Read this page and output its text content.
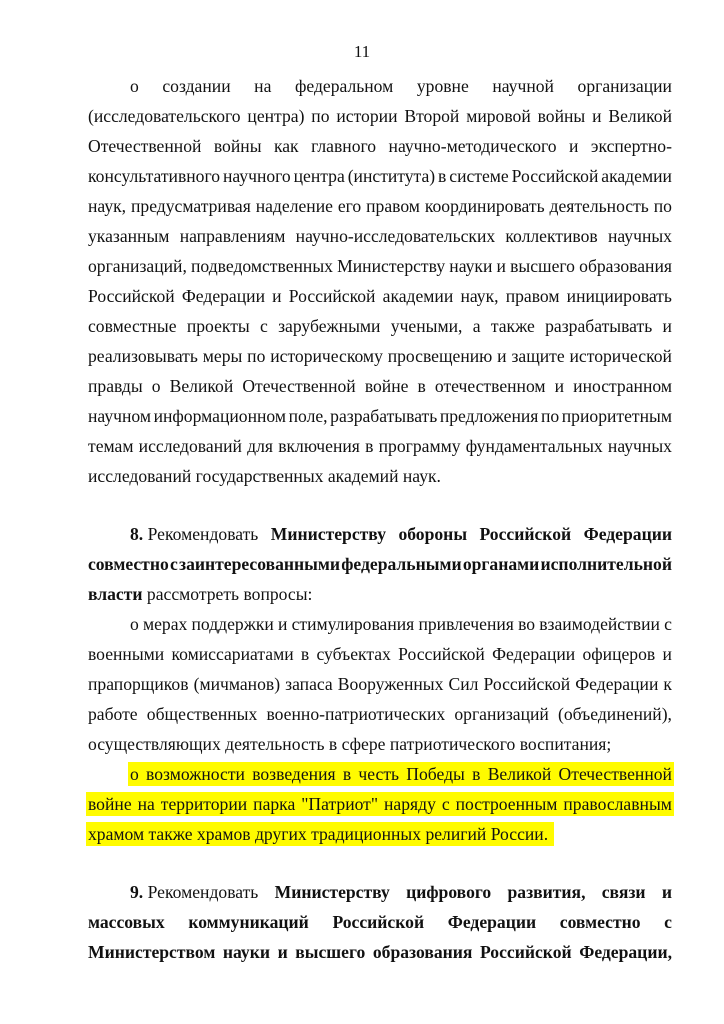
11
о создании на федеральном уровне научной организации
(исследовательского центра) по истории Второй мировой войны и Великой
Отечественной войны как главного научно-методического и экспертно-
консультативного научного центра (института) в системе Российской академии
наук, предусматривая наделение его правом координировать деятельность по
указанным направлениям научно-исследовательских коллективов научных
организаций, подведомственных Министерству науки и высшего образования
Российской Федерации и Российской академии наук, правом инициировать
совместные проекты с зарубежными учеными, а также разрабатывать и
реализовывать меры по историческому просвещению и защите исторической
правды о Великой Отечественной войне в отечественном и иностранном
научном информационном поле, разрабатывать предложения по приоритетным
темам исследований для включения в программу фундаментальных научных
исследований государственных академий наук.
8. Рекомендовать Министерству обороны Российской Федерации
совместно с заинтересованными федеральными органами исполнительной
власти рассмотреть вопросы:
о мерах поддержки и стимулирования привлечения во взаимодействии с
военными комиссариатами в субъектах Российской Федерации офицеров и
прапорщиков (мичманов) запаса Вооруженных Сил Российской Федерации к
работе общественных военно-патриотических организаций (объединений),
осуществляющих деятельность в сфере патриотического воспитания;
о возможности возведения в честь Победы в Великой Отечественной
войне на территории парка "Патриот" наряду с построенным православным
храмом также храмов других традиционных религий России.
9. Рекомендовать Министерству цифрового развития, связи и
массовых коммуникаций Российской Федерации совместно с
Министерством науки и высшего образования Российской Федерации,
